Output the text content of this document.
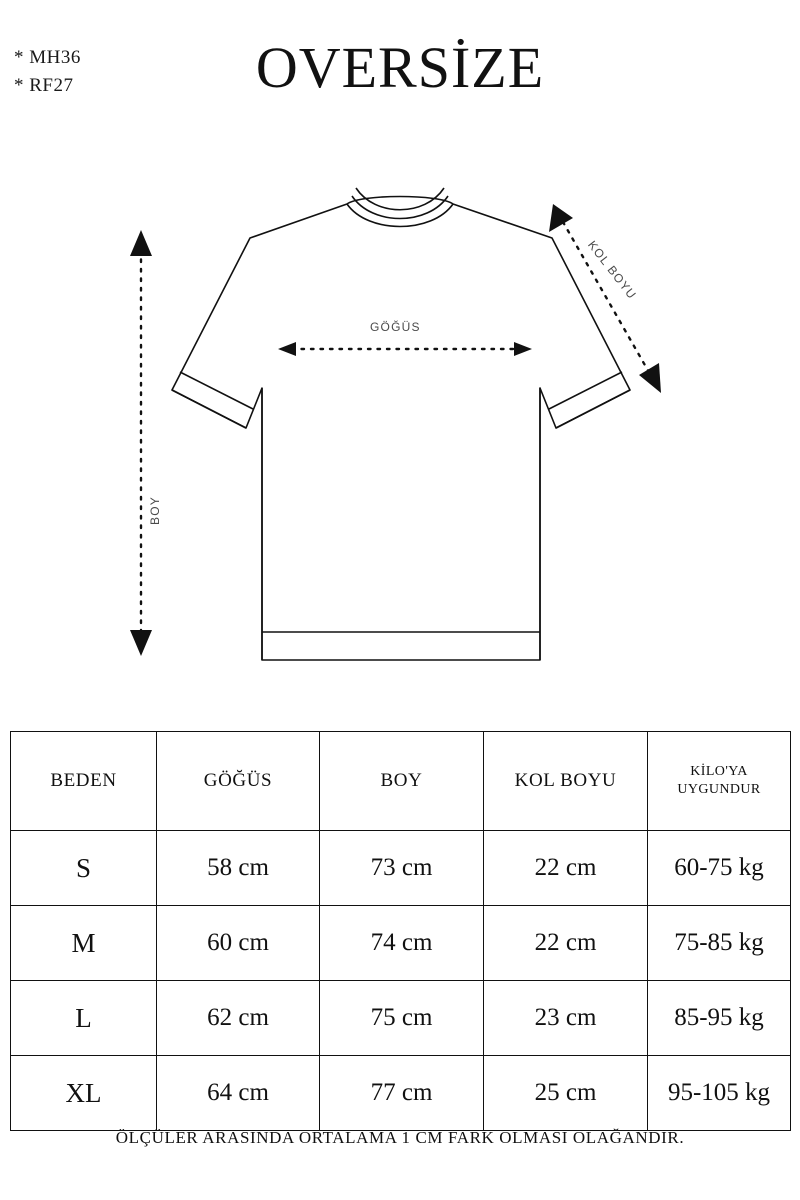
* MH36
* RF27	OVERSİZE
GÖĞÜS
BOY
KOL BOYU
BEDEN	GÖĞÜS	BOY	KOL BOYU	KİLO'YA UYGUNDUR
S	58 cm	73 cm	22 cm	60-75 kg
M	60 cm	74 cm	22 cm	75-85 kg
L	62 cm	75 cm	23 cm	85-95 kg
XL	64 cm	77 cm	25 cm	95-105 kg
ÖLÇÜLER ARASINDA ORTALAMA 1 CM FARK OLMASI OLAĞANDIR.
